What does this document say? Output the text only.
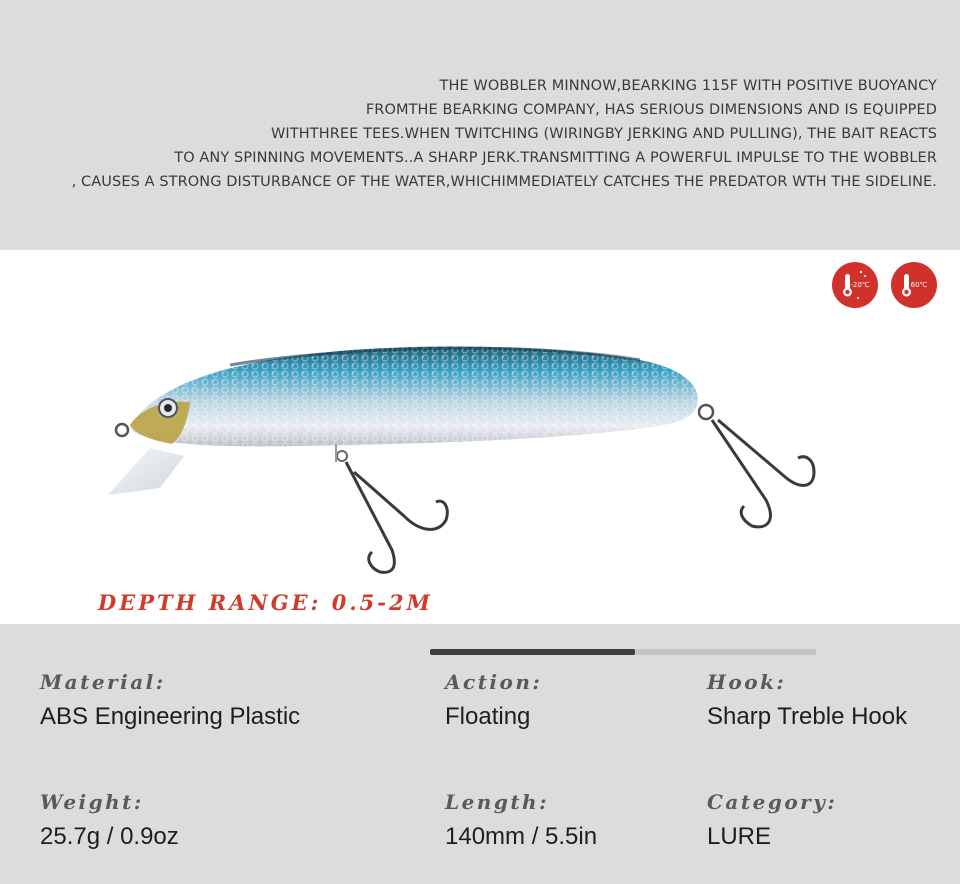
THE WOBBLER MINNOW,BEARKING 115F WITH POSITIVE BUOYANCY
FROMTHE BEARKING COMPANY, HAS SERIOUS DIMENSIONS AND IS EQUIPPED
WITHTHREE TEES.WHEN TWITCHING (WIRINGBY JERKING AND PULLING), THE BAIT REACTS
TO ANY SPINNING MOVEMENTS..A SHARP JERK.TRANSMITTING A POWERFUL IMPULSE TO THE WOBBLER
, CAUSES A STRONG DISTURBANCE OF THE WATER,WHICHIMMEDIATELY CATCHES THE PREDATOR WTH THE SIDELINE.
-20℃	60℃
DEPTH RANGE: 0.5-2M
Material:
ABS Engineering Plastic
Action:
Floating
Hook:
Sharp Treble Hook
Weight:
25.7g / 0.9oz
Length:
140mm / 5.5in
Category:
LURE
